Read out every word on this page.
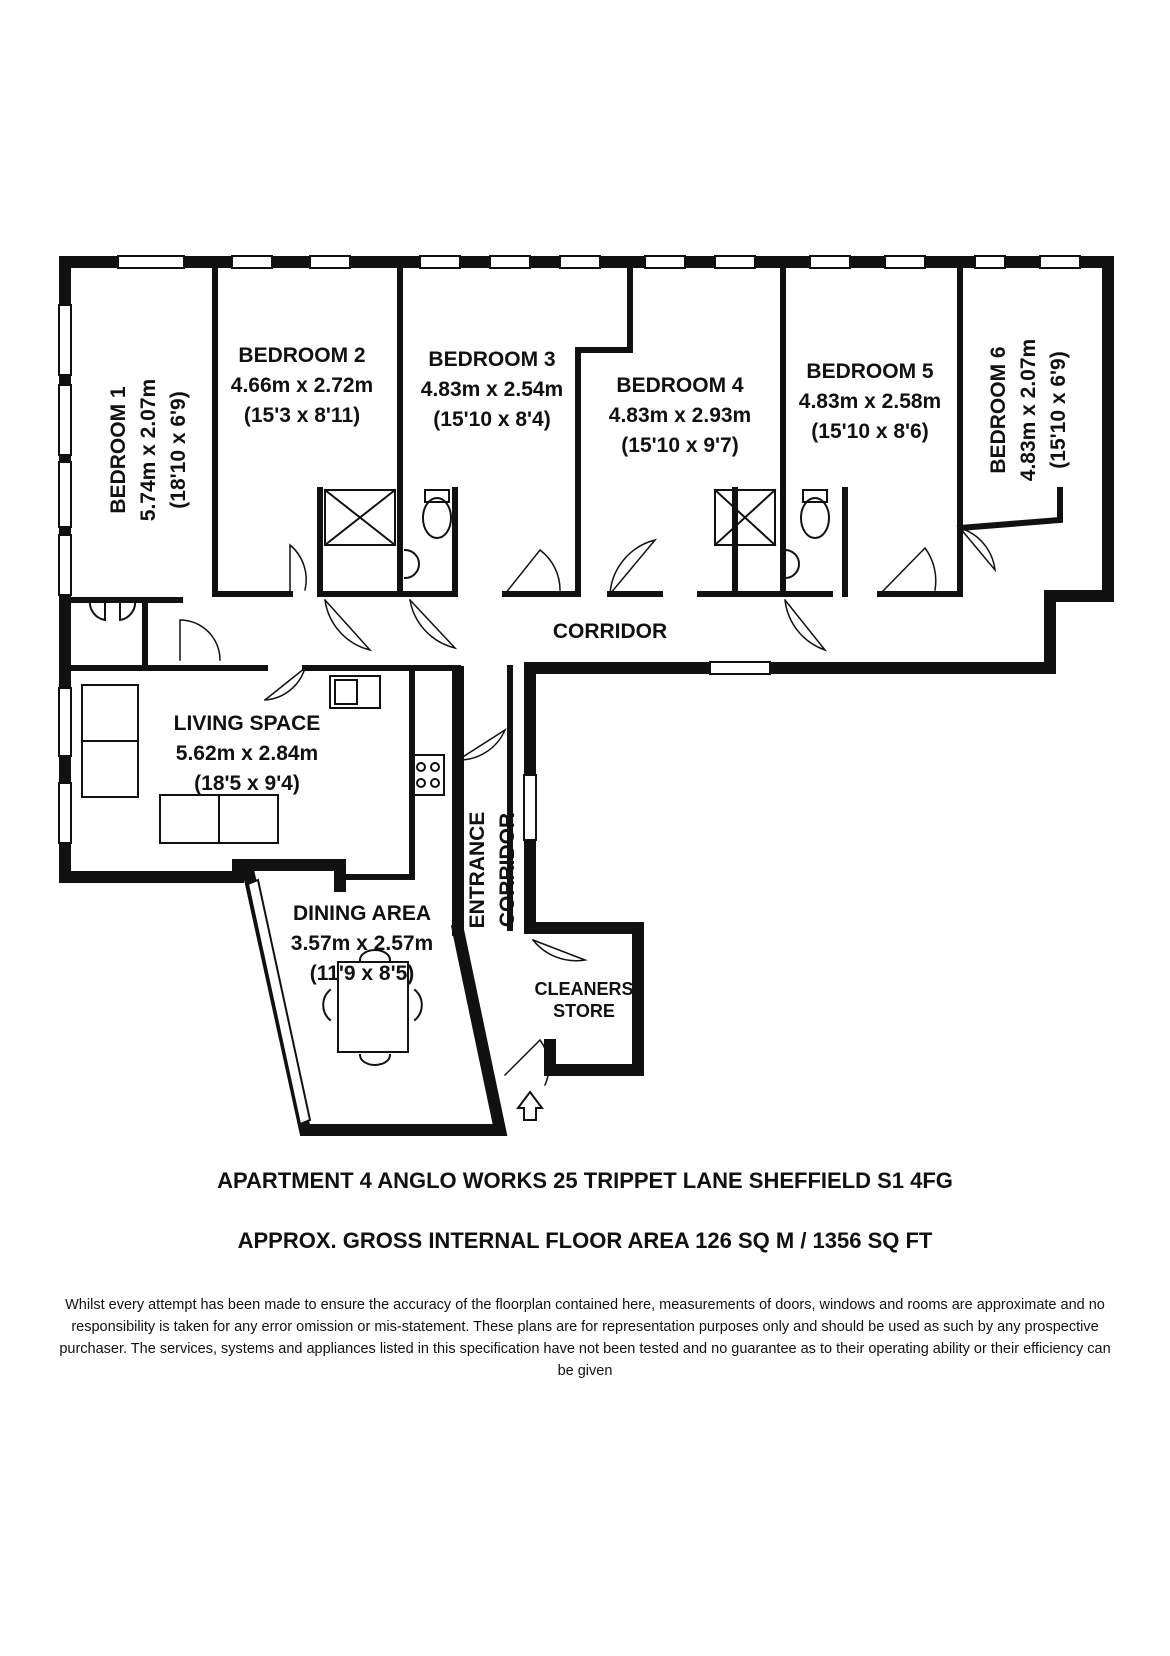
BEDROOM 1 5.74m x 2.07m (18'10 x 6'9)
BEDROOM 2
4.66m x 2.72m
(15'3 x 8'11)
BEDROOM 3
4.83m x 2.54m
(15'10 x 8'4)
BEDROOM 4
4.83m x 2.93m
(15'10 x 9'7)
BEDROOM 5
4.83m x 2.58m
(15'10 x 8'6)	BEDROOM 6 4.83m x 2.07m (15'10 x 6'9)
CORRIDOR
LIVING SPACE
5.62m x 2.84m
(18'5 x 9'4)
DINING AREA
3.57m x 2.57m
(11'9 x 8'5)
ENTRANCE CORRIDOR
CLEANERS
STORE
APARTMENT 4 ANGLO WORKS 25 TRIPPET LANE SHEFFIELD S1 4FG
APPROX. GROSS INTERNAL FLOOR AREA 126 SQ M / 1356 SQ FT
Whilst every attempt has been made to ensure the accuracy of the floorplan contained here, measurements of doors, windows and rooms are approximate and no responsibility is taken for any error omission or mis-statement. These plans are for representation purposes only and should be used as such by any prospective purchaser. The services, systems and appliances listed in this specification have not been tested and no guarantee as to their operating ability or their efficiency can be given
